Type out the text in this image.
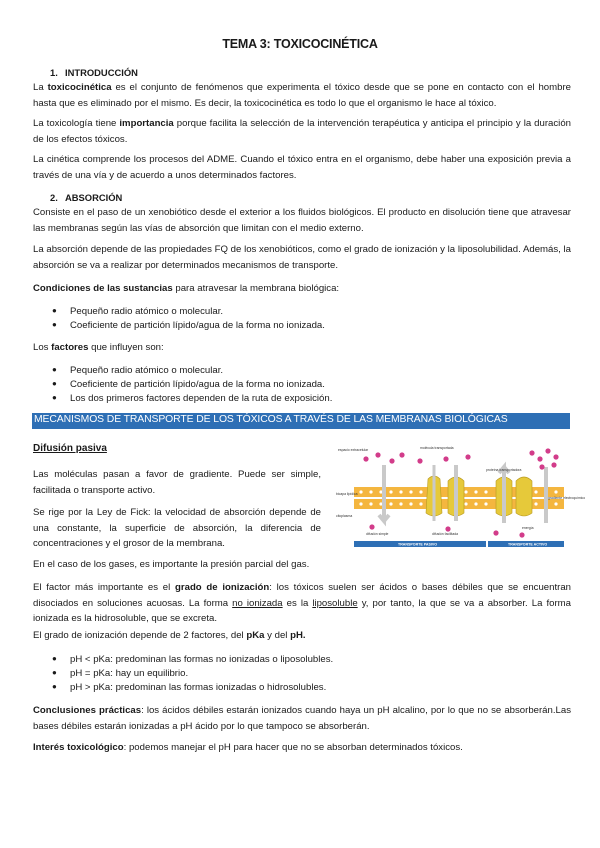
TEMA 3: TOXICOCINÉTICA
1. INTRODUCCIÓN
La toxicocinética es el conjunto de fenómenos que experimenta el tóxico desde que se pone en contacto con el hombre hasta que es eliminado por el mismo. Es decir, la toxicocinética es todo lo que el organismo le hace al tóxico.
La toxicología tiene importancia porque facilita la selección de la intervención terapéutica y anticipa el principio y la duración de los efectos tóxicos.
La cinética comprende los procesos del ADME. Cuando el tóxico entra en el organismo, debe haber una exposición previa a través de una vía y de acuerdo a unos determinados factores.
2. ABSORCIÓN
Consiste en el paso de un xenobiótico desde el exterior a los fluidos biológicos. El producto en disolución tiene que atravesar las membranas según las vías de absorción que limitan con el medio externo.
La absorción depende de las propiedades FQ de los xenobióticos, como el grado de ionización y la liposolubilidad. Además, la absorción se va a realizar por determinados mecanismos de transporte.
Condiciones de las sustancias para atravesar la membrana biológica:
● Pequeño radio atómico o molecular.
● Coeficiente de partición lípido/agua de la forma no ionizada.
Los factores que influyen son:
● Pequeño radio atómico o molecular.
● Coeficiente de partición lípido/agua de la forma no ionizada.
● Los dos primeros factores dependen de la ruta de exposición.
MECANISMOS DE TRANSPORTE DE LOS TÓXICOS A TRAVÉS DE LAS MEMBRANAS BIOLÓGICAS
Difusión pasiva
Las moléculas pasan a favor de gradiente. Puede ser simple, facilitada o transporte activo.
Se rige por la Ley de Fick: la velocidad de absorción depende de una constante, la superficie de absorción, la diferencia de concentraciones y el grosor de la membrana.
En el caso de los gases, es importante la presión parcial del gas.
El factor más importante es el grado de ionización: los tóxicos suelen ser ácidos o bases débiles que se encuentran disociados en soluciones acuosas. La forma no ionizada es la liposoluble y, por tanto, la que se va a absorber. La forma ionizada es la hidrosoluble, que se excreta.
El grado de ionización depende de 2 factores, del pKa y del pH.
● pH < pKa: predominan las formas no ionizadas o liposolubles.
● pH = pKa: hay un equilibrio.
● pH > pKa: predominan las formas ionizadas o hidrosolubles.
Conclusiones prácticas: los ácidos débiles estarán ionizados cuando haya un pH alcalino, por lo que no se absorberán.Las bases débiles estarán ionizadas a pH ácido por lo que tampoco se absorberán.
Interés toxicológico: podemos manejar el pH para hacer que no se absorban determinados tóxicos.
espacio extracelular	molécula transportada
proteína transportadora
bicapa lipídica
citoplasma
gradiente electroquímico
energía
difusión simple	difusión facilitada
TRANSPORTE PASIVO	TRANSPORTE ACTIVO
